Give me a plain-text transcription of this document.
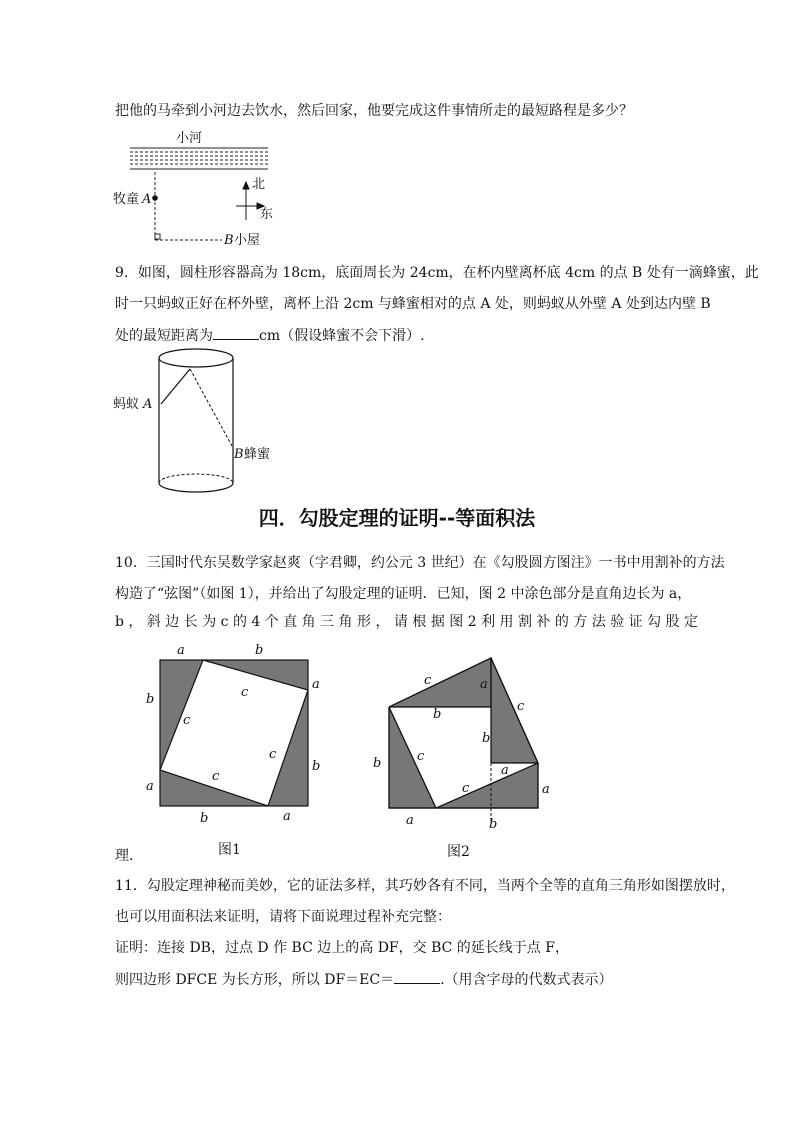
把他的马牵到小河边去饮水，然后回家，他要完成这件事情所走的最短路程是多少？
小河
牧童 A
B 小屋
北
东
9．如图，圆柱形容器高为 18cm，底面周长为 24cm，在杯内壁离杯底 4cm 的点 B 处有一滴蜂蜜，此
时一只蚂蚁正好在杯外壁，离杯上沿 2cm 与蜂蜜相对的点 A 处，则蚂蚁从外壁 A 处到达内壁 B
处的最短距离为	cm（假设蜂蜜不会下滑）.
蚂蚁 A
B 蜂蜜
四．勾股定理的证明--等面积法
10．三国时代东吴数学家赵爽（字君卿，约公元 3 世纪）在《勾股圆方图注》一书中用割补的方法
构造了“弦图”（如图 1），并给出了勾股定理的证明．已知，图 2 中涂色部分是直角边长为 a，
b ， 斜 边 长 为 c 的 4 个 直 角 三 角 形 ， 请 根 据 图 2 利 用 割 补 的 方 法 验 证 勾 股 定
a	b
a
b
b
a
b	a
c
c
c
c
c	a
c
b
b
c
b	a
c	a
a	b
理．	图1	图2
11．勾股定理神秘而美妙，它的证法多样，其巧妙各有不同，当两个全等的直角三角形如图摆放时，
也可以用面积法来证明，请将下面说理过程补充完整：
证明：连接 DB，过点 D 作 BC 边上的高 DF，交 BC 的延长线于点 F，
则四边形 DFCE 为长方形，所以 DF＝EC＝	.（用含字母的代数式表示）
